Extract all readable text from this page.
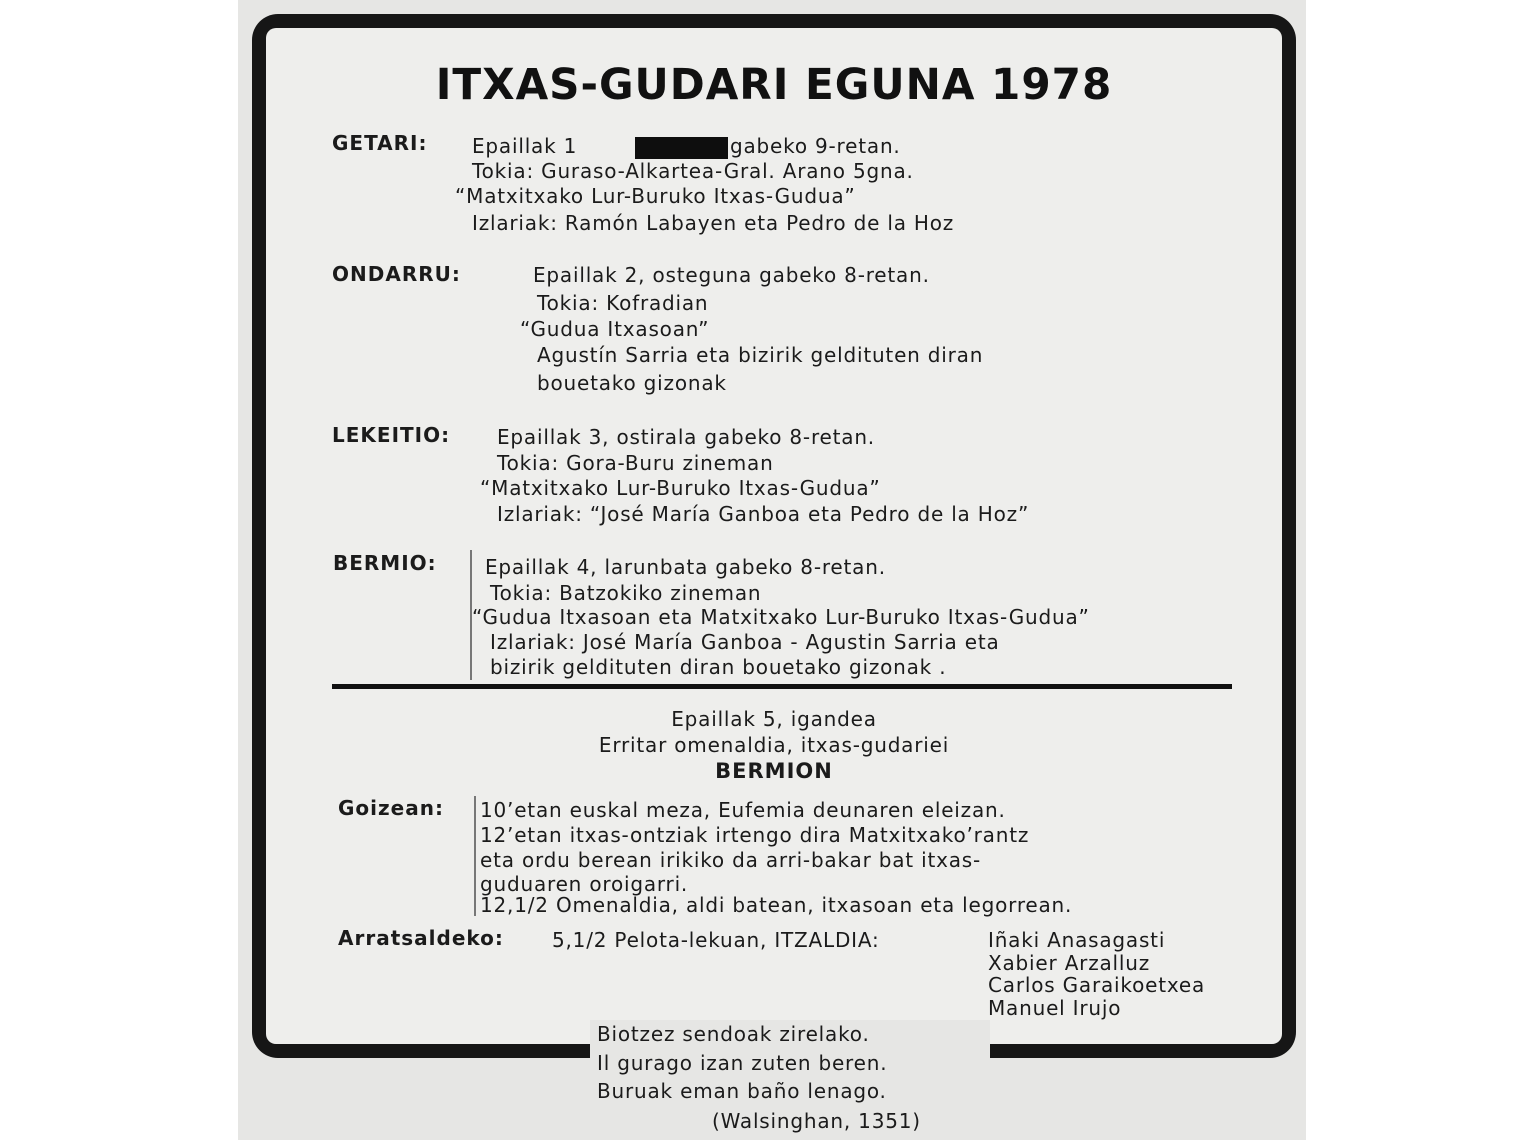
ITXAS-GUDARI EGUNA 1978
GETARI: Epaillak 1	gabeko 9-retan.
Tokia: Guraso-Alkartea-Gral. Arano 5gna.
“Matxitxako Lur-Buruko Itxas-Gudua”
Izlariak: Ramón Labayen eta Pedro de la Hoz
ONDARRU:	Epaillak 2, osteguna gabeko 8-retan.
Tokia: Kofradian
“Gudua Itxasoan”
Agustín Sarria eta bizirik geldituten diran
bouetako gizonak
LEKEITIO: Epaillak 3, ostirala gabeko 8-retan.
Tokia: Gora-Buru zineman
“Matxitxako Lur-Buruko Itxas-Gudua”
Izlariak: “José María Ganboa eta Pedro de la Hoz”
BERMIO: Epaillak 4, larunbata gabeko 8-retan.
Tokia: Batzokiko zineman
“Gudua Itxasoan eta Matxitxako Lur-Buruko Itxas-Gudua”
Izlariak: José María Ganboa - Agustin Sarria eta
bizirik geldituten diran bouetako gizonak .
Epaillak 5, igandea
Erritar omenaldia, itxas-gudariei
BERMION
Goizean: 10’etan euskal meza, Eufemia deunaren eleizan.
12’etan itxas-ontziak irtengo dira Matxitxako’rantz
eta ordu berean irikiko da arri-bakar bat itxas-
guduaren oroigarri.
12,1/2 Omenaldia, aldi batean, itxasoan eta legorrean.
Arratsaldeko: 5,1/2 Pelota-lekuan, ITZALDIA:	Iñaki Anasagasti
Xabier Arzalluz
Carlos Garaikoetxea
Manuel Irujo
Biotzez sendoak zirelako.
Il gurago izan zuten beren.
Buruak eman baño lenago.
(Walsinghan, 1351)
